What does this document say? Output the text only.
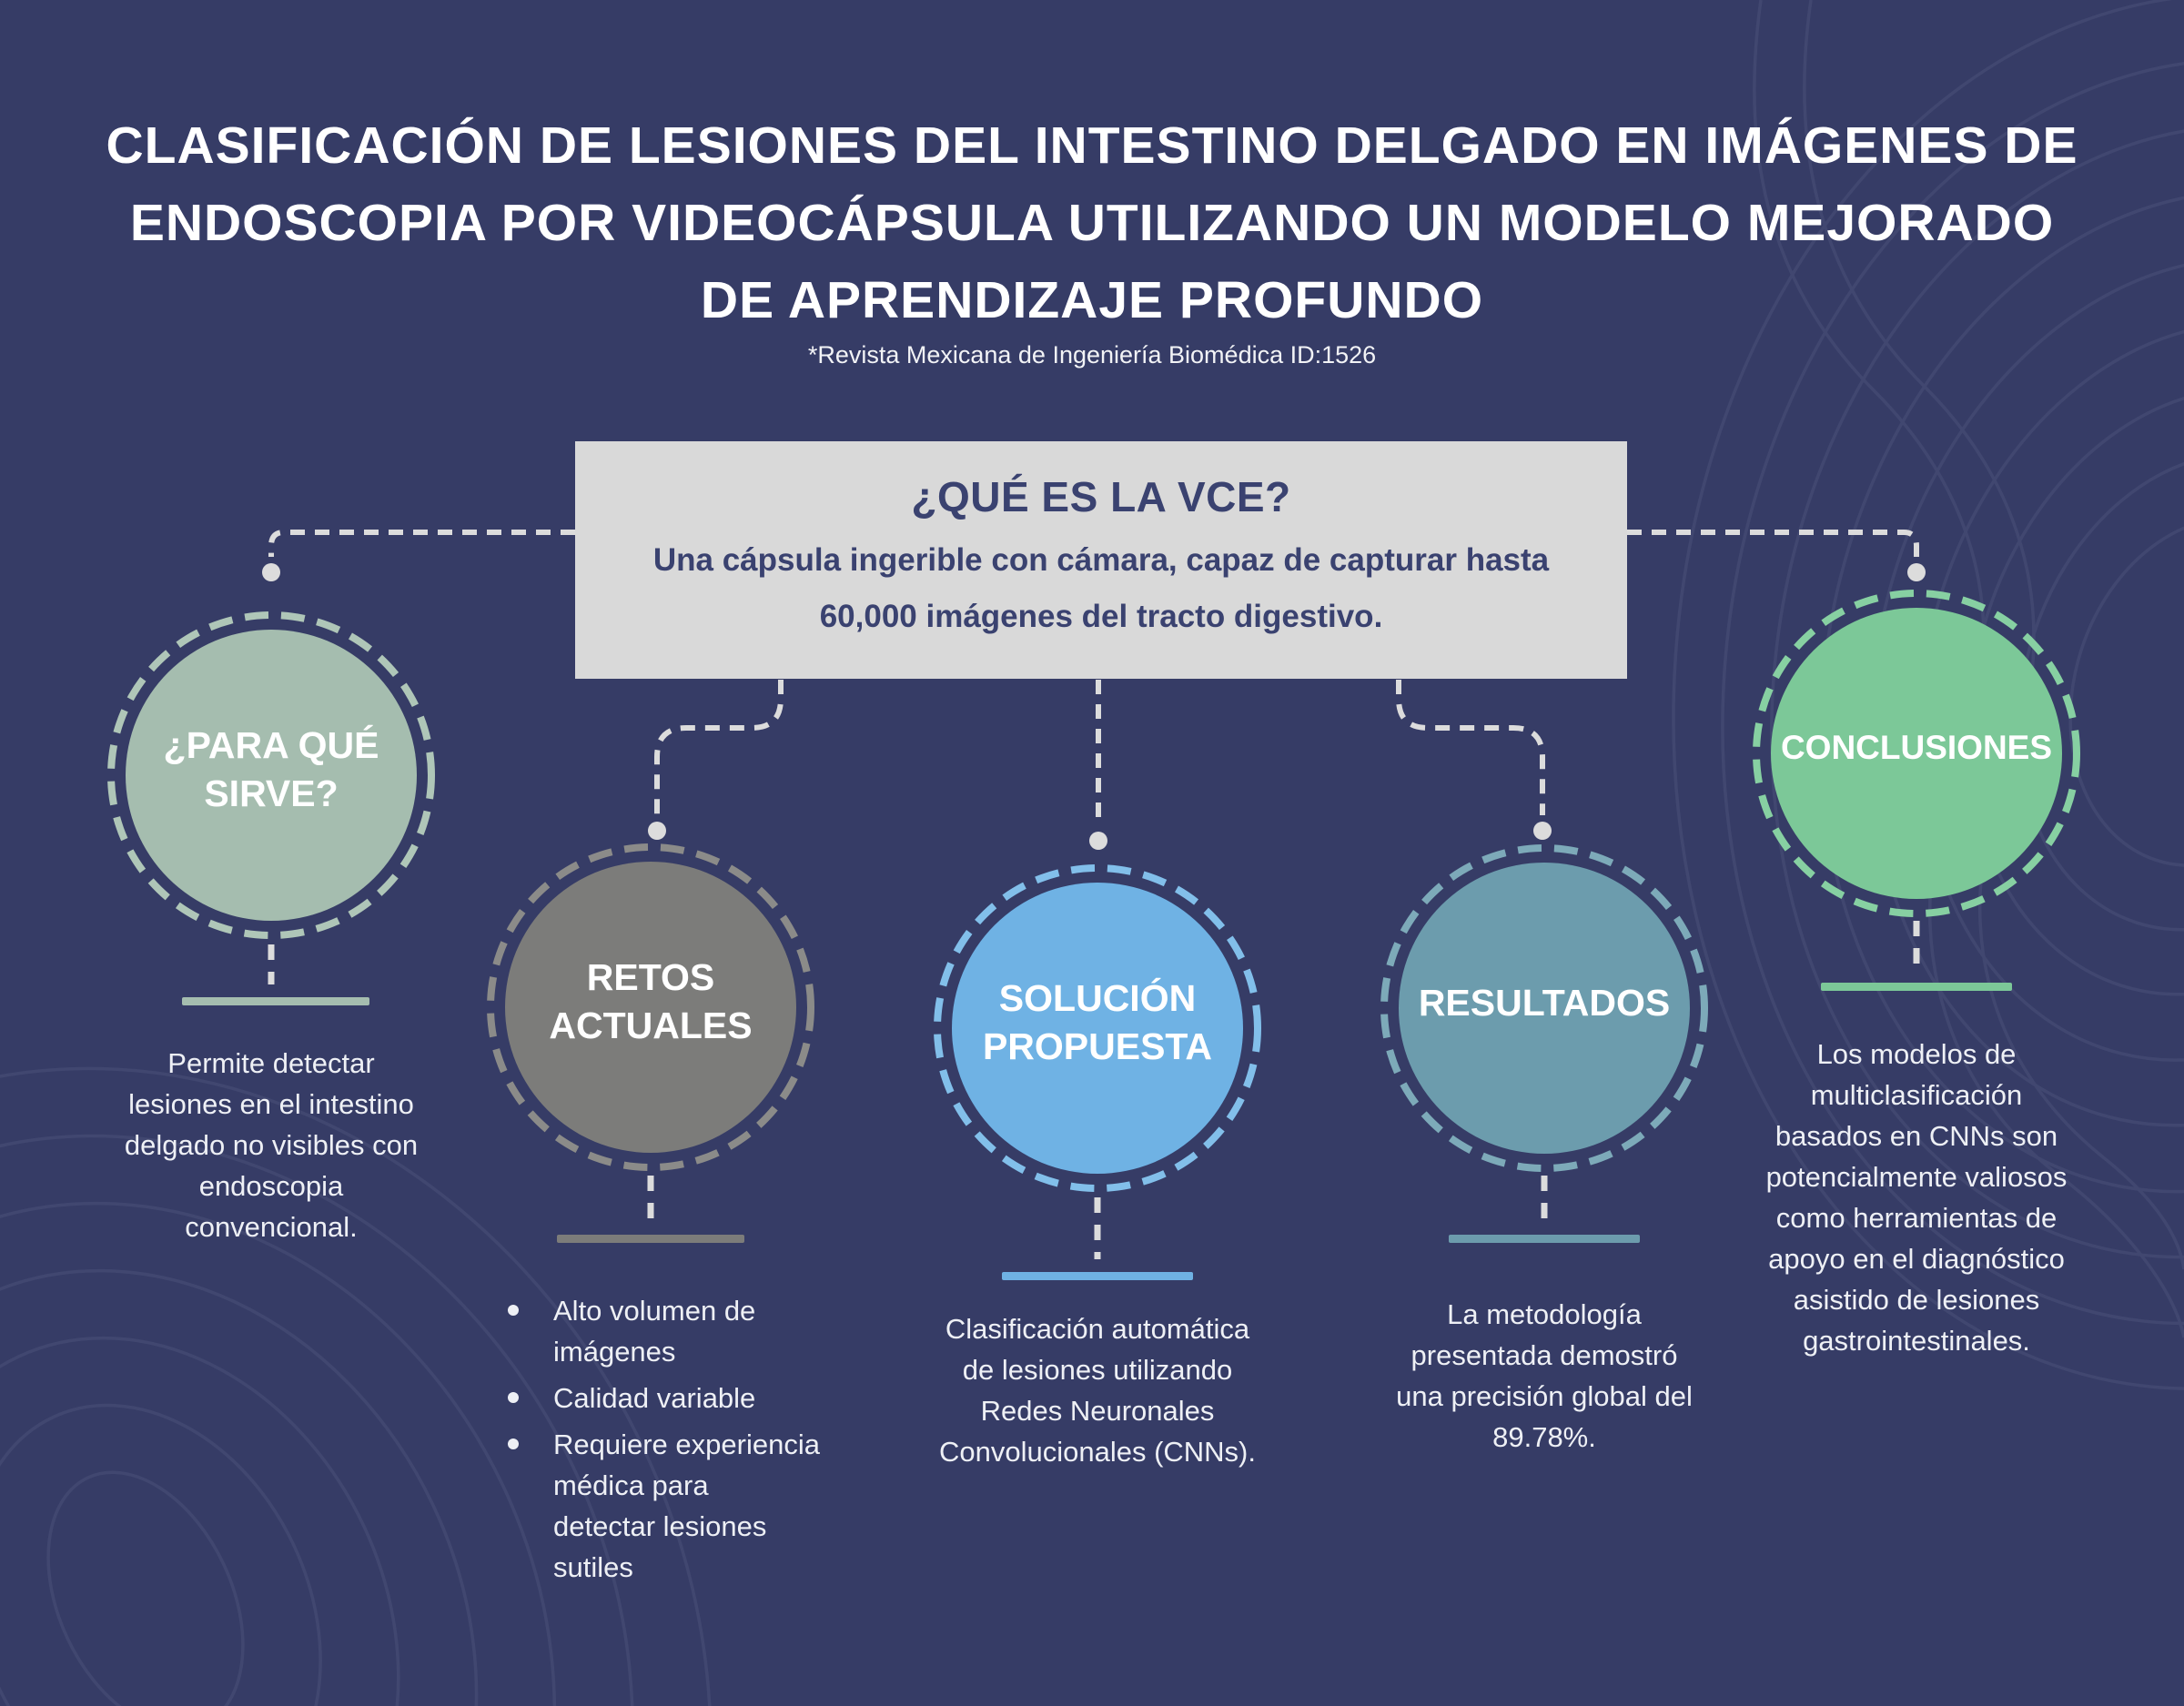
CLASIFICACIÓN DE LESIONES DEL INTESTINO DELGADO EN IMÁGENES DE
ENDOSCOPIA POR VIDEOCÁPSULA UTILIZANDO UN MODELO MEJORADO
DE APRENDIZAJE PROFUNDO
*Revista Mexicana de Ingeniería Biomédica ID:1526
¿QUÉ ES LA VCE?
Una cápsula ingerible con cámara, capaz de capturar hasta
60,000 imágenes del tracto digestivo.
¿PARA QUÉ
SIRVE?
RETOS
ACTUALES
SOLUCIÓN
PROPUESTA
RESULTADOS
CONCLUSIONES
Permite detectar
lesiones en el intestino
delgado no visibles con
endoscopia
convencional.
Alto volumen de
imágenes
Calidad variable
Requiere experiencia
médica para
detectar lesiones
sutiles
Clasificación automática
de lesiones utilizando
Redes Neuronales
Convolucionales (CNNs).
La metodología
presentada demostró
una precisión global del
89.78%.
Los modelos de
multiclasificación
basados en CNNs son
potencialmente valiosos
como herramientas de
apoyo en el diagnóstico
asistido de lesiones
gastrointestinales.
